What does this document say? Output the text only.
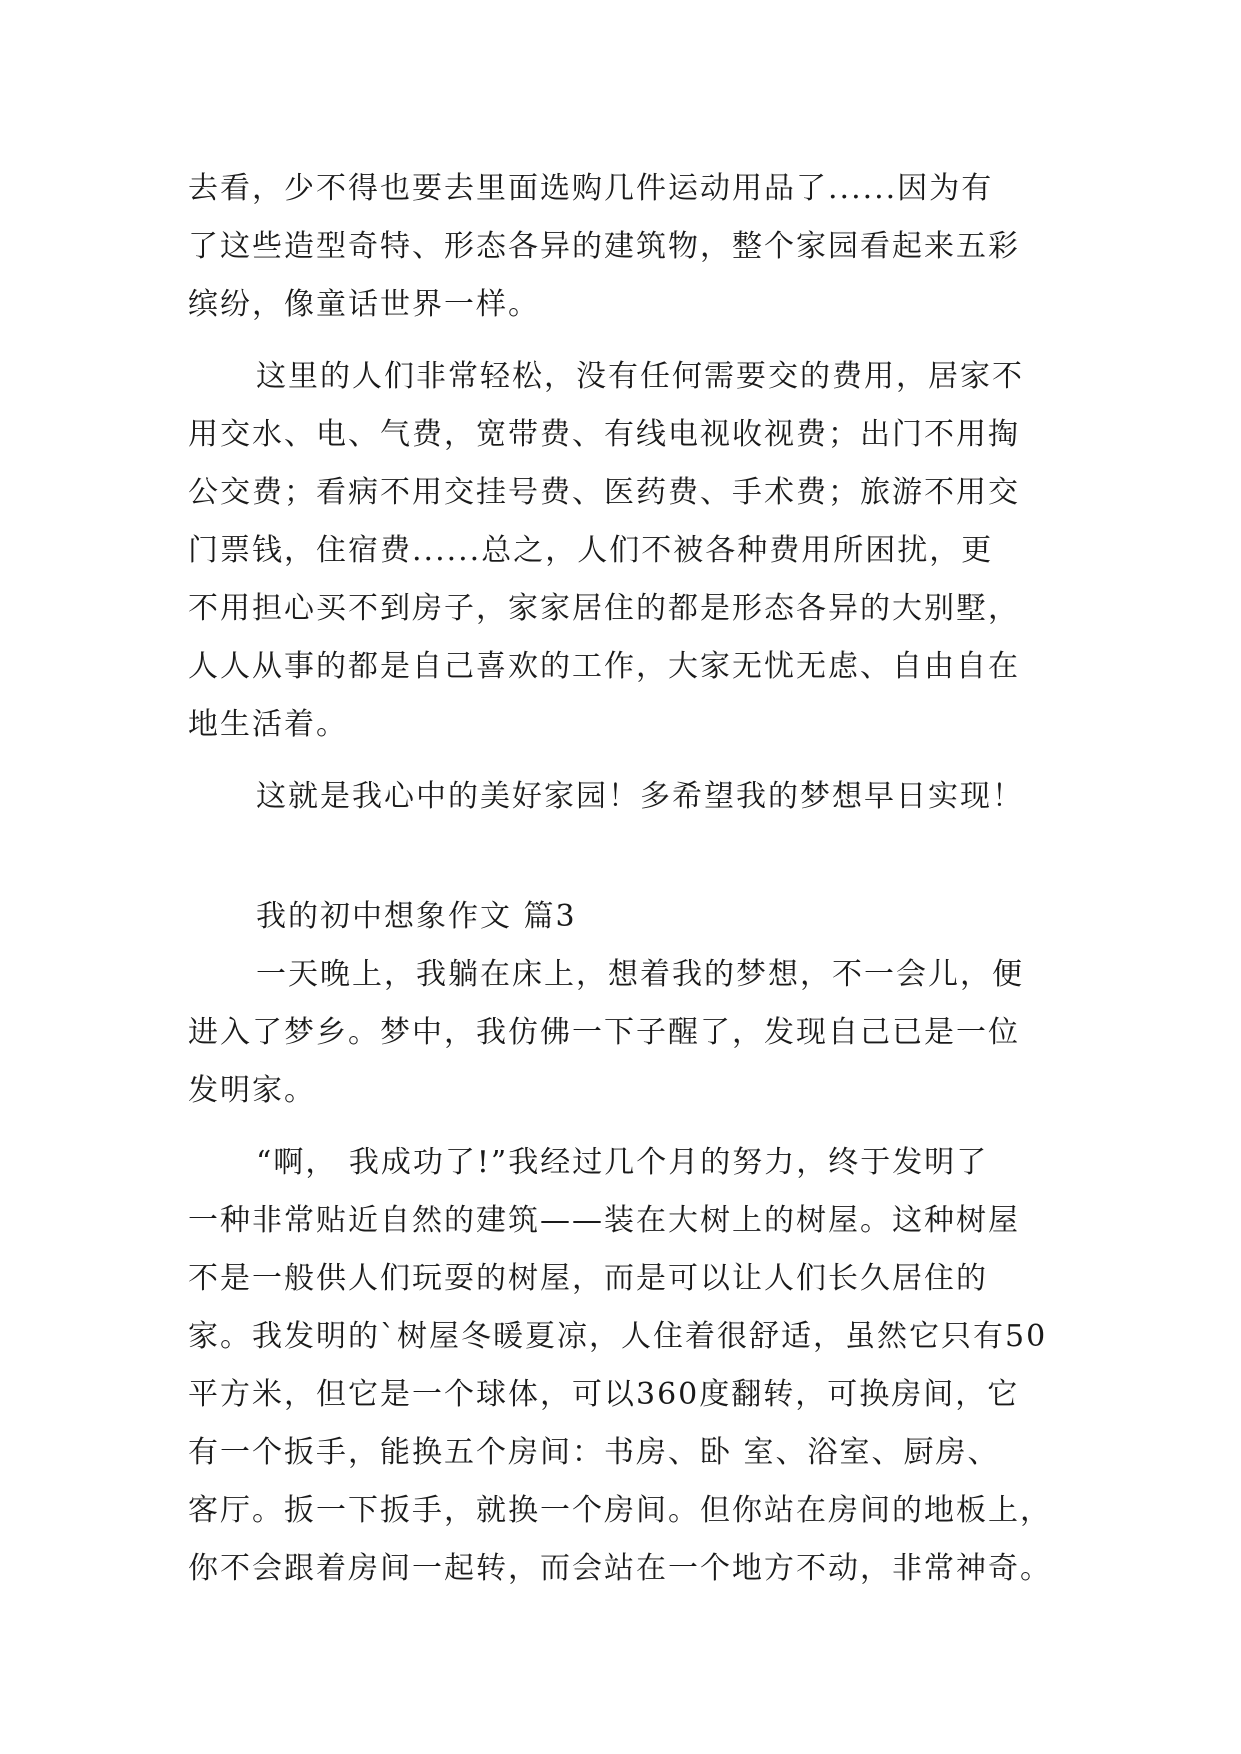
去看，少不得也要去里面选购几件运动用品了......因为有
了这些造型奇特、形态各异的建筑物，整个家园看起来五彩
缤纷，像童话世界一样。
这里的人们非常轻松，没有任何需要交的费用，居家不
用交水、电、气费，宽带费、有线电视收视费；出门不用掏
公交费；看病不用交挂号费、医药费、手术费；旅游不用交
门票钱，住宿费......总之，人们不被各种费用所困扰，更
不用担心买不到房子，家家居住的都是形态各异的大别墅，
人人从事的都是自己喜欢的工作，大家无忧无虑、自由自在
地生活着。
这就是我心中的美好家园！多希望我的梦想早日实现！
我的初中想象作文 篇3
一天晚上，我躺在床上，想着我的梦想，不一会儿，便
进入了梦乡。梦中，我仿佛一下子醒了，发现自己已是一位
发明家。
“啊， 我成功了!”我经过几个月的努力，终于发明了
一种非常贴近自然的建筑——装在大树上的树屋。这种树屋
不是一般供人们玩耍的树屋，而是可以让人们长久居住的
家。我发明的`树屋冬暖夏凉，人住着很舒适，虽然它只有50
平方米，但它是一个球体，可以360度翻转，可换房间，它
有一个扳手，能换五个房间：书房、卧 室、浴室、厨房、
客厅。扳一下扳手，就换一个房间。但你站在房间的地板上，
你不会跟着房间一起转，而会站在一个地方不动，非常神奇。
